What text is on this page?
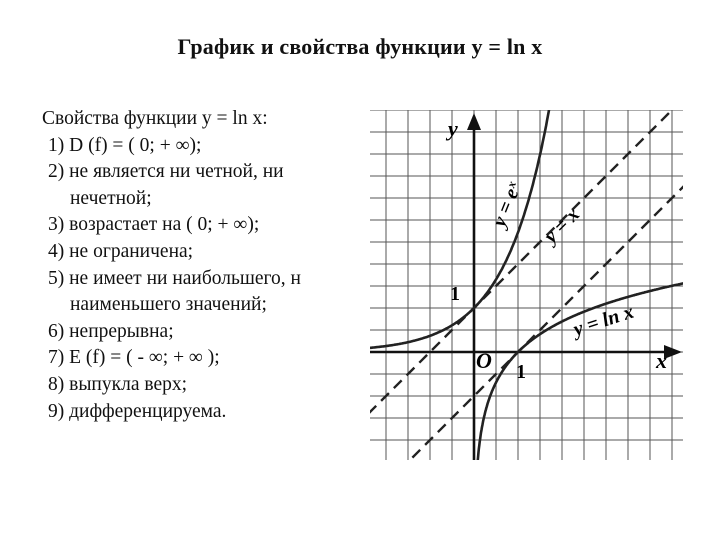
График и свойства функции y = ln x
Свойства функции y = ln x:
1) D (f) = ( 0; + ∞);
2) не является ни четной, ни
нечетной;
3) возрастает на ( 0; + ∞);
4) не ограничена;
5) не имеет ни наибольшего, н
наименьшего значений;
6) непрерывна;
7) E (f) = ( - ∞; + ∞ );
8) выпукла верх;
9) дифференцируема.
y
x
O 1
1
y = eˣ y = x
y = ln x
